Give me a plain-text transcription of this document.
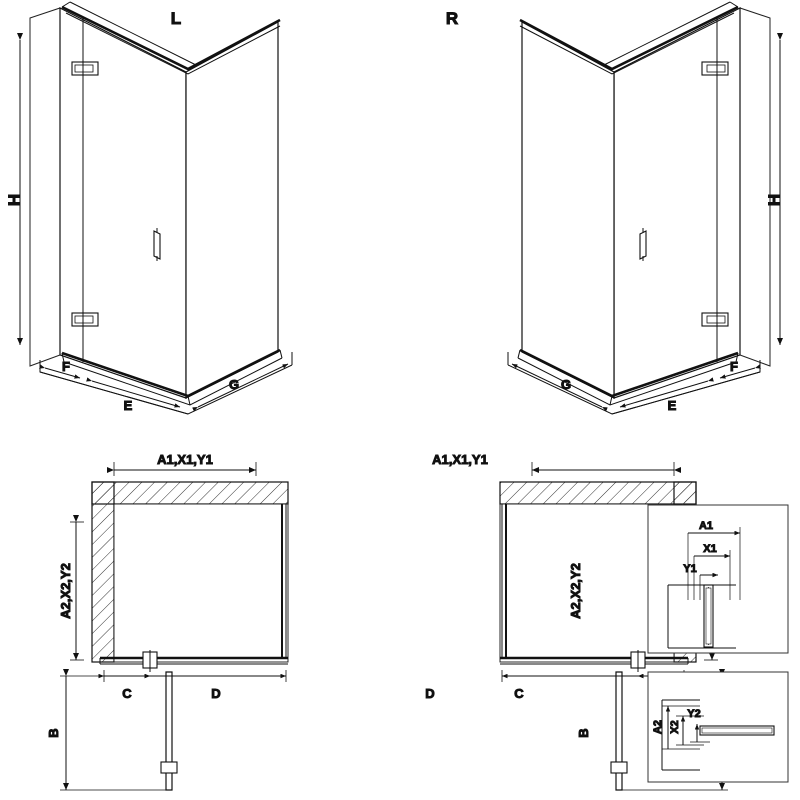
H
F
E
G
L
H
F
E
G
R
A1,X1,Y1
A2,X2,Y2
C	D
B
A1,X1,Y1
A2,X2,Y2
D	C
B
A1
X1
Y1
A2 X2
Y2
